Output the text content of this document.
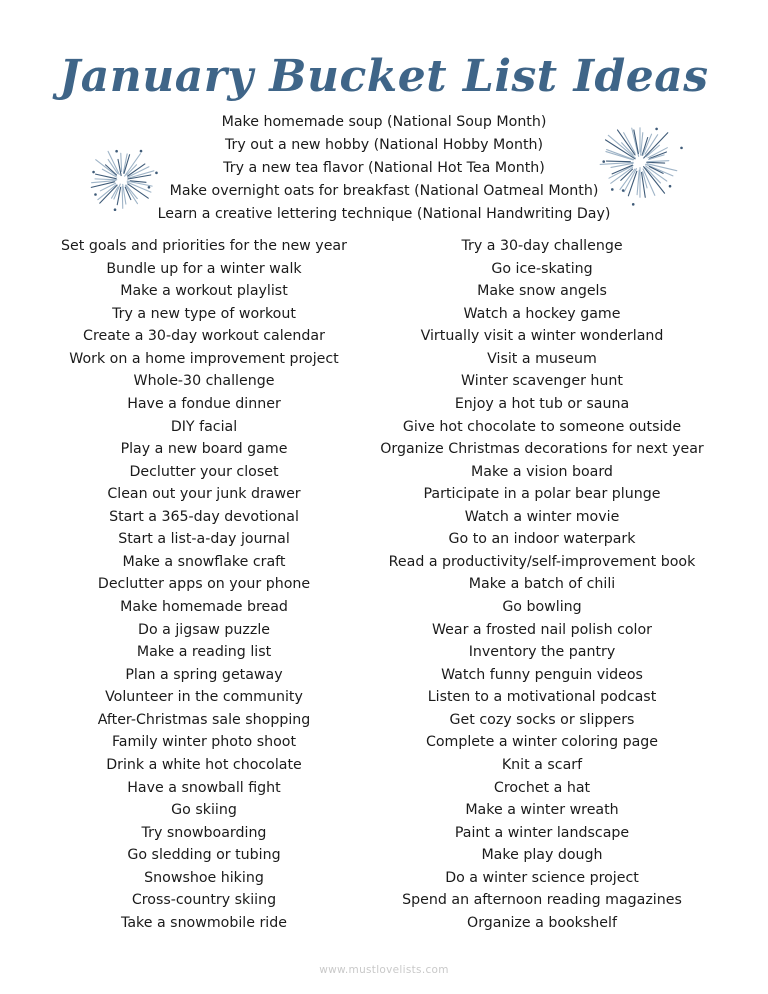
January Bucket List Ideas
Make homemade soup (National Soup Month)
Try out a new hobby (National Hobby Month)
Try a new tea flavor (National Hot Tea Month)
Make overnight oats for breakfast (National Oatmeal Month)
Learn a creative lettering technique (National Handwriting Day)
Set goals and priorities for the new year
Bundle up for a winter walk
Make a workout playlist
Try a new type of workout
Create a 30-day workout calendar
Work on a home improvement project
Whole-30 challenge
Have a fondue dinner
DIY facial
Play a new board game
Declutter your closet
Clean out your junk drawer
Start a 365-day devotional
Start a list-a-day journal
Make a snowflake craft
Declutter apps on your phone
Make homemade bread
Do a jigsaw puzzle
Make a reading list
Plan a spring getaway
Volunteer in the community
After-Christmas sale shopping
Family winter photo shoot
Drink a white hot chocolate
Have a snowball fight
Go skiing
Try snowboarding
Go sledding or tubing
Snowshoe hiking
Cross-country skiing
Take a snowmobile ride
Try a 30-day challenge
Go ice-skating
Make snow angels
Watch a hockey game
Virtually visit a winter wonderland
Visit a museum
Winter scavenger hunt
Enjoy a hot tub or sauna
Give hot chocolate to someone outside
Organize Christmas decorations for next year
Make a vision board
Participate in a polar bear plunge
Watch a winter movie
Go to an indoor waterpark
Read a productivity/self-improvement book
Make a batch of chili
Go bowling
Wear a frosted nail polish color
Inventory the pantry
Watch funny penguin videos
Listen to a motivational podcast
Get cozy socks or slippers
Complete a winter coloring page
Knit a scarf
Crochet a hat
Make a winter wreath
Paint a winter landscape
Make play dough
Do a winter science project
Spend an afternoon reading magazines
Organize a bookshelf
www.mustlovelists.com
